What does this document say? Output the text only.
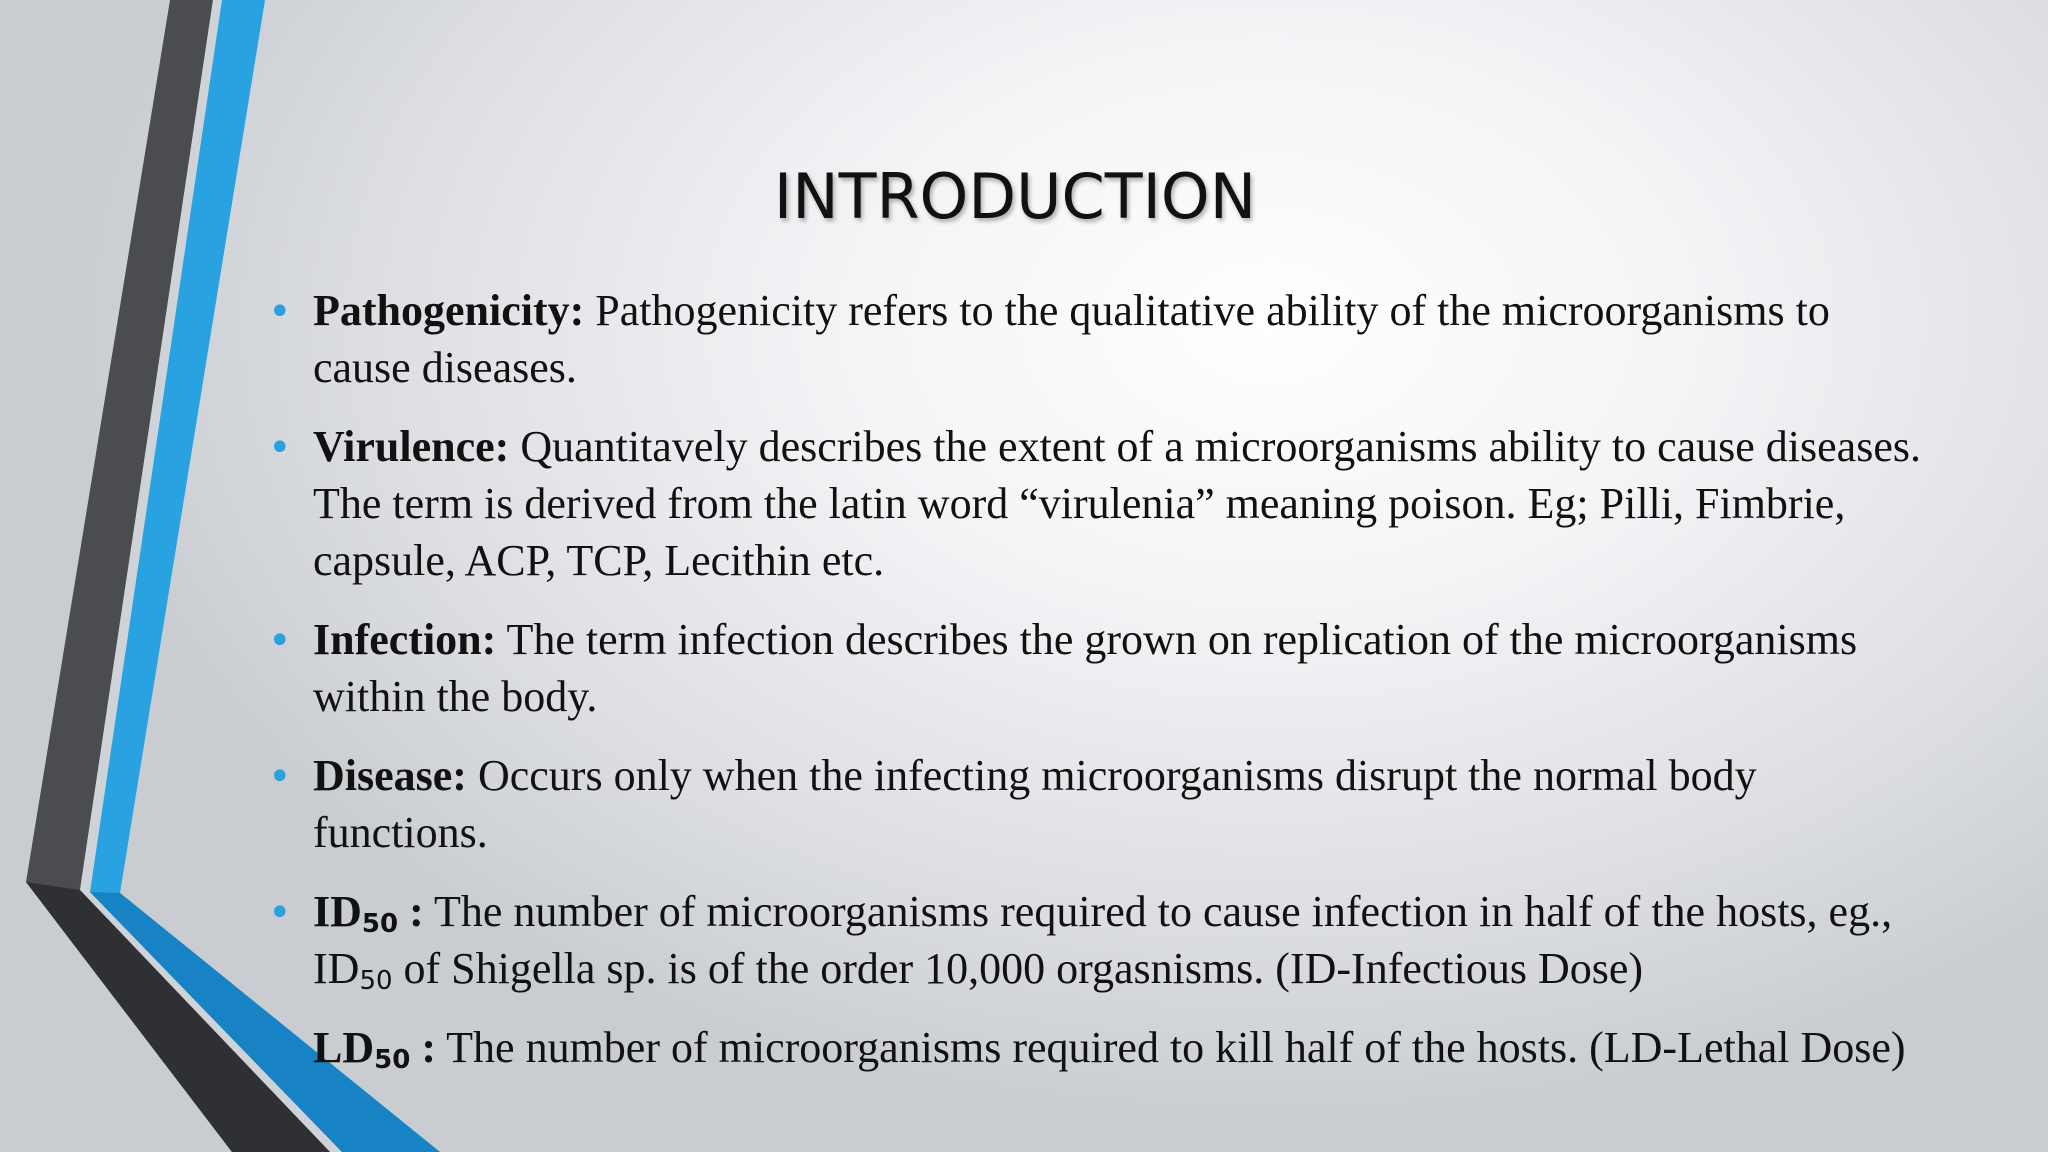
INTRODUCTION
• Pathogenicity: Pathogenicity refers to the qualitative ability of the microorganisms to cause diseases.
• Virulence: Quantitavely describes the extent of a microorganisms ability to cause diseases. The term is derived from the latin word “virulenia” meaning poison. Eg; Pilli, Fimbrie, capsule, ACP, TCP, Lecithin etc.
• Infection: The term infection describes the grown on replication of the microorganisms within the body.
• Disease: Occurs only when the infecting microorganisms disrupt the normal body functions.
• $ID_{50}$ : The number of microorganisms required to cause infection in half of the hosts, eg., $ID_{50}$ of Shigella sp. is of the order 10,000 orgasnisms. (ID-Infectious Dose)
$LD_{50}$ : The number of microorganisms required to kill half of the hosts. (LD-Lethal Dose)
